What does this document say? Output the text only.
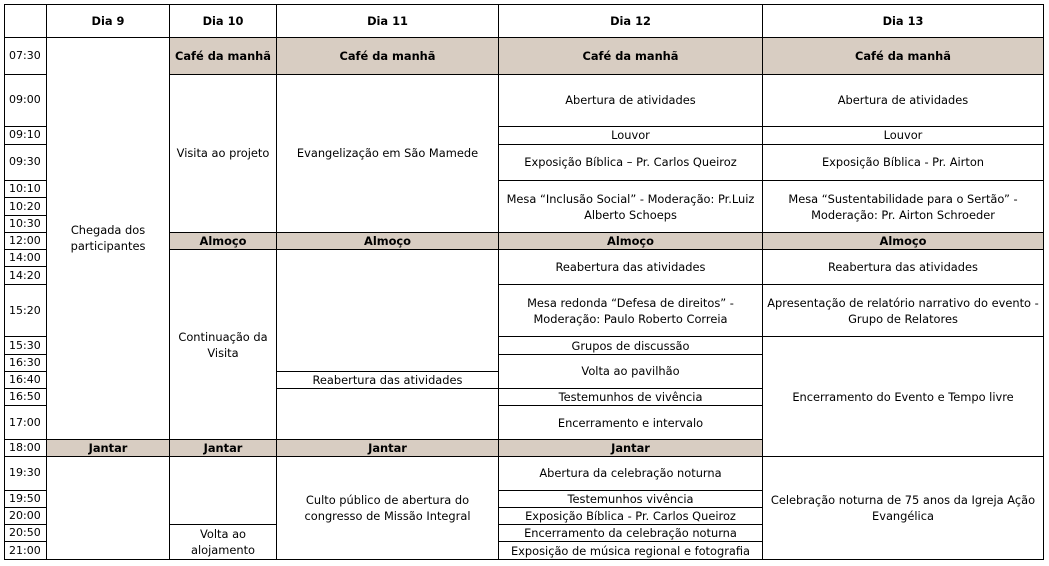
	Dia 9	Dia 10	Dia 11	Dia 12	Dia 13	
07:30	Chegada dos participantes	Café da manhã	Café da manhã	Café da manhã	Café da manhã	
09:00		Visita ao projeto	Evangelização em São Mamede	Abertura de atividades	Abertura de atividades	
09:10				Louvor	Louvor	
09:30				Exposição Bíblica – Pr. Carlos Queiroz	Exposição Bíblica - Pr. Airton	
10:10				Mesa “Inclusão Social” - Moderação: Pr.Luiz Alberto Schoeps	Mesa “Sustentabilidade para o Sertão” - Moderação: Pr. Airton Schroeder	
10:20						
10:30						
12:00		Almoço	Almoço	Almoço	Almoço	
14:00		Continuação da Visita		Reabertura das atividades	Reabertura das atividades	
14:20						
15:20				Mesa redonda “Defesa de direitos” - Moderação: Paulo Roberto Correia	Apresentação de relatório narrativo do evento - Grupo de Relatores	
15:30				Grupos de discussão	Encerramento do Evento e Tempo livre	
16:30				Volta ao pavilhão		
16:40			Reabertura das atividades			
16:50				Testemunhos de vivência		
17:00				Encerramento e intervalo		
18:00	Jantar	Jantar	Jantar	Jantar	
19:30			Culto público de abertura do congresso de Missão Integral	Abertura da celebração noturna	Celebração noturna de 75 anos da Igreja Ação Evangélica	
19:50				Testemunhos vivência		
20:00				Exposição Bíblica - Pr. Carlos Queiroz		
20:50		Volta ao alojamento		Encerramento da celebração noturna		
21:00				Exposição de música regional e fotografia		
